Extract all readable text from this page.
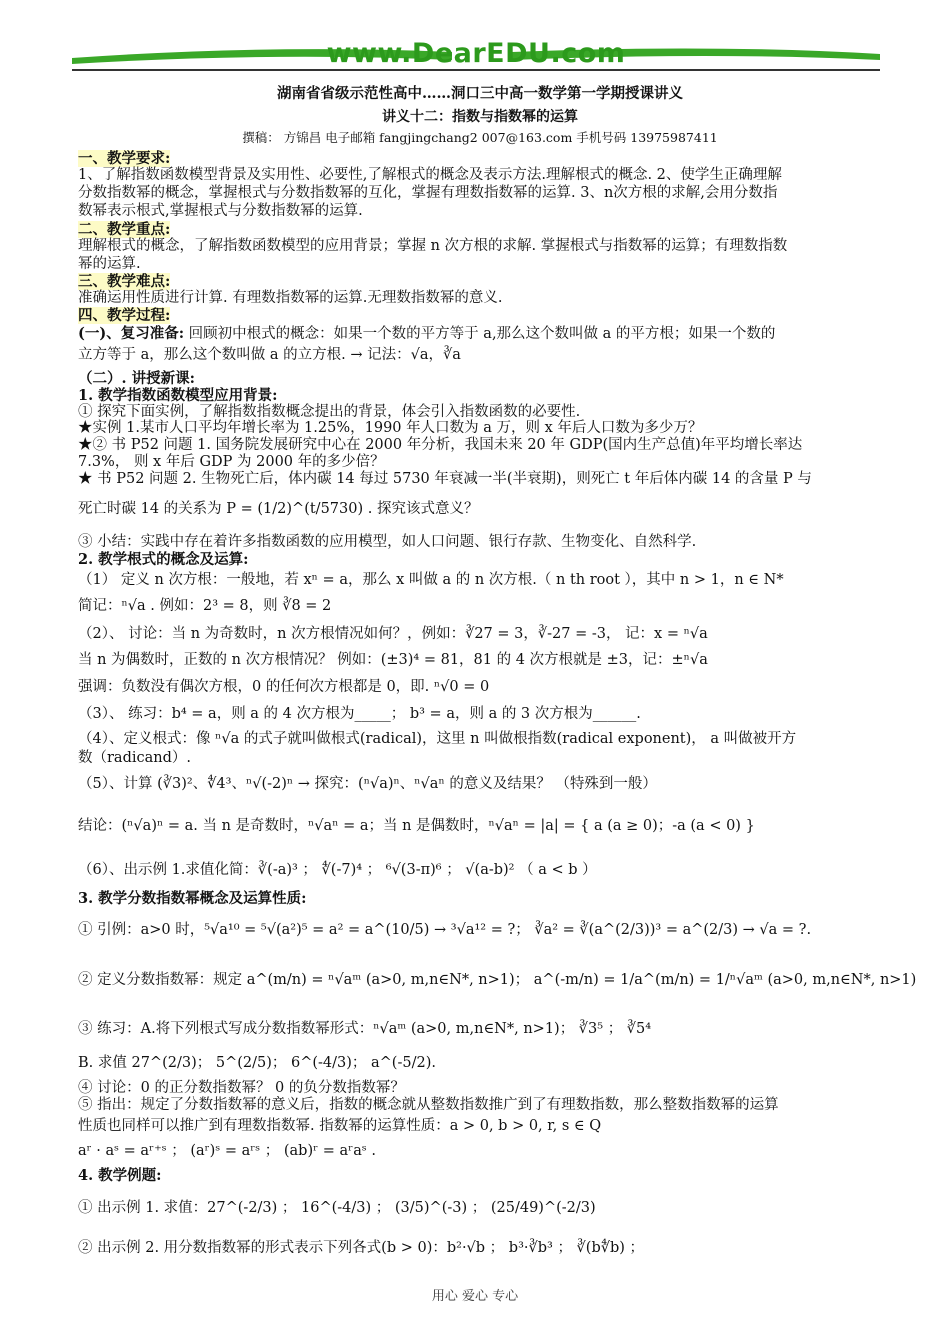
www.DearEDU.com
湖南省省级示范性高中……洞口三中高一数学第一学期授课讲义
讲义十二：指数与指数幂的运算
撰稿： 方锦昌 电子邮箱 fangjingchang2 007@163.com 手机号码 13975987411
一、教学要求:
1、了解指数函数模型背景及实用性、必要性,了解根式的概念及表示方法.理解根式的概念. 2、使学生正确理解
分数指数幂的概念，掌握根式与分数指数幂的互化，掌握有理数指数幂的运算. 3、n次方根的求解,会用分数指
数幂表示根式,掌握根式与分数指数幂的运算.
二、教学重点:
理解根式的概念，了解指数函数模型的应用背景；掌握 n 次方根的求解. 掌握根式与指数幂的运算；有理数指数
幂的运算.
三、教学难点:
准确运用性质进行计算. 有理数指数幂的运算.无理数指数幂的意义.
四、教学过程:
(一)、复习准备: 回顾初中根式的概念：如果一个数的平方等于 a,那么这个数叫做 a 的平方根；如果一个数的
立方等于 a，那么这个数叫做 a 的立方根. → 记法：√a，∛a
（二）. 讲授新课:
1. 教学指数函数模型应用背景:
① 探究下面实例，了解指数指数概念提出的背景，体会引入指数函数的必要性.
★实例 1.某市人口平均年增长率为 1.25%，1990 年人口数为 a 万，则 x 年后人口数为多少万？
★② 书 P52 问题 1. 国务院发展研究中心在 2000 年分析，我国未来 20 年 GDP(国内生产总值)年平均增长率达
7.3%， 则 x 年后 GDP 为 2000 年的多少倍？
★ 书 P52 问题 2. 生物死亡后，体内碳 14 每过 5730 年衰减一半(半衰期)，则死亡 t 年后体内碳 14 的含量 P 与
死亡时碳 14 的关系为 P = (1/2)^(t/5730) . 探究该式意义？
③ 小结：实践中存在着许多指数函数的应用模型，如人口问题、银行存款、生物变化、自然科学.
2. 教学根式的概念及运算:
（1） 定义 n 次方根：一般地，若 xⁿ = a，那么 x 叫做 a 的 n 次方根.（ n th root ），其中 n > 1，n ∈ N*
简记：ⁿ√a . 例如：2³ = 8，则 ∛8 = 2
（2）、 讨论：当 n 为奇数时，n 次方根情况如何？，例如：∛27 = 3，∛-27 = -3， 记：x = ⁿ√a
当 n 为偶数时，正数的 n 次方根情况？ 例如：(±3)⁴ = 81，81 的 4 次方根就是 ±3，记：±ⁿ√a
强调：负数没有偶次方根，0 的任何次方根都是 0，即. ⁿ√0 = 0
（3）、 练习：b⁴ = a，则 a 的 4 次方根为_____； b³ = a，则 a 的 3 次方根为______.
（4）、定义根式：像 ⁿ√a 的式子就叫做根式(radical)，这里 n 叫做根指数(radical exponent)， a 叫做被开方
数（radicand）.
（5）、计算 (∛3)²、∜4³、ⁿ√(-2)ⁿ → 探究：(ⁿ√a)ⁿ、ⁿ√aⁿ 的意义及结果？ （特殊到一般）
结论：(ⁿ√a)ⁿ = a. 当 n 是奇数时，ⁿ√aⁿ = a；当 n 是偶数时，ⁿ√aⁿ = |a| = { a (a ≥ 0)；-a (a < 0) }
（6）、出示例 1.求值化简：∛(-a)³ ； ∜(-7)⁴ ； ⁶√(3-π)⁶ ； √(a-b)² （ a < b ）
3. 教学分数指数幂概念及运算性质:
① 引例：a>0 时，⁵√a¹⁰ = ⁵√(a²)⁵ = a² = a^(10/5) → ³√a¹² = ?； ∛a² = ∛(a^(2/3))³ = a^(2/3) → √a = ?.
② 定义分数指数幂：规定 a^(m/n) = ⁿ√aᵐ (a>0, m,n∈N*, n>1)； a^(-m/n) = 1/a^(m/n) = 1/ⁿ√aᵐ (a>0, m,n∈N*, n>1)
③ 练习：A.将下列根式写成分数指数幂形式：ⁿ√aᵐ (a>0, m,n∈N*, n>1)； ∛3⁵ ； ∛5⁴
B. 求值 27^(2/3)； 5^(2/5)； 6^(-4/3)； a^(-5/2).
④ 讨论：0 的正分数指数幂？ 0 的负分数指数幂？
⑤ 指出：规定了分数指数幂的意义后，指数的概念就从整数指数推广到了有理数指数，那么整数指数幂的运算
性质也同样可以推广到有理数指数幂. 指数幂的运算性质：a > 0, b > 0, r, s ∈ Q
aʳ · aˢ = aʳ⁺ˢ ； (aʳ)ˢ = aʳˢ ； (ab)ʳ = aʳaˢ .
4. 教学例题:
① 出示例 1. 求值：27^(-2/3) ； 16^(-4/3) ； (3/5)^(-3) ； (25/49)^(-2/3)
② 出示例 2. 用分数指数幂的形式表示下列各式(b > 0)：b²·√b ； b³·∛b³ ； ∛(b∜b) ；
用心 爱心 专心
